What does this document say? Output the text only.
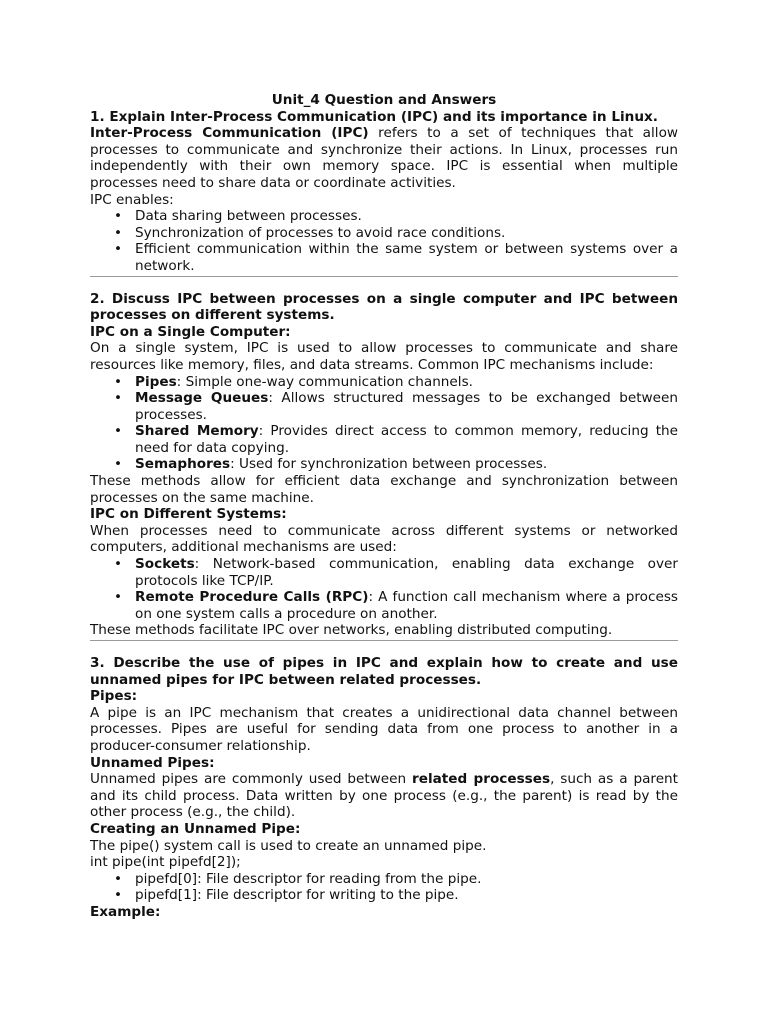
Unit_4 Question and Answers

1. Explain Inter-Process Communication (IPC) and its importance in Linux.

Inter-Process Communication (IPC) refers to a set of techniques that allow processes to communicate and synchronize their actions. In Linux, processes run independently with their own memory space. IPC is essential when multiple processes need to share data or coordinate activities.

IPC enables:

• Data sharing between processes.
• Synchronization of processes to avoid race conditions.
• Efficient communication within the same system or between systems over a network.

2. Discuss IPC between processes on a single computer and IPC between processes on different systems.

IPC on a Single Computer:

On a single system, IPC is used to allow processes to communicate and share resources like memory, files, and data streams. Common IPC mechanisms include:

• Pipes: Simple one-way communication channels.
• Message Queues: Allows structured messages to be exchanged between processes.
• Shared Memory: Provides direct access to common memory, reducing the need for data copying.
• Semaphores: Used for synchronization between processes.

These methods allow for efficient data exchange and synchronization between processes on the same machine.

IPC on Different Systems:

When processes need to communicate across different systems or networked computers, additional mechanisms are used:

• Sockets: Network-based communication, enabling data exchange over protocols like TCP/IP.
• Remote Procedure Calls (RPC): A function call mechanism where a process on one system calls a procedure on another.

These methods facilitate IPC over networks, enabling distributed computing.

3. Describe the use of pipes in IPC and explain how to create and use unnamed pipes for IPC between related processes.

Pipes:

A pipe is an IPC mechanism that creates a unidirectional data channel between processes. Pipes are useful for sending data from one process to another in a producer-consumer relationship.

Unnamed Pipes:

Unnamed pipes are commonly used between related processes, such as a parent and its child process. Data written by one process (e.g., the parent) is read by the other process (e.g., the child).

Creating an Unnamed Pipe:

The pipe() system call is used to create an unnamed pipe.

int pipe(int pipefd[2]);

• pipefd[0]: File descriptor for reading from the pipe.
• pipefd[1]: File descriptor for writing to the pipe.

Example:
